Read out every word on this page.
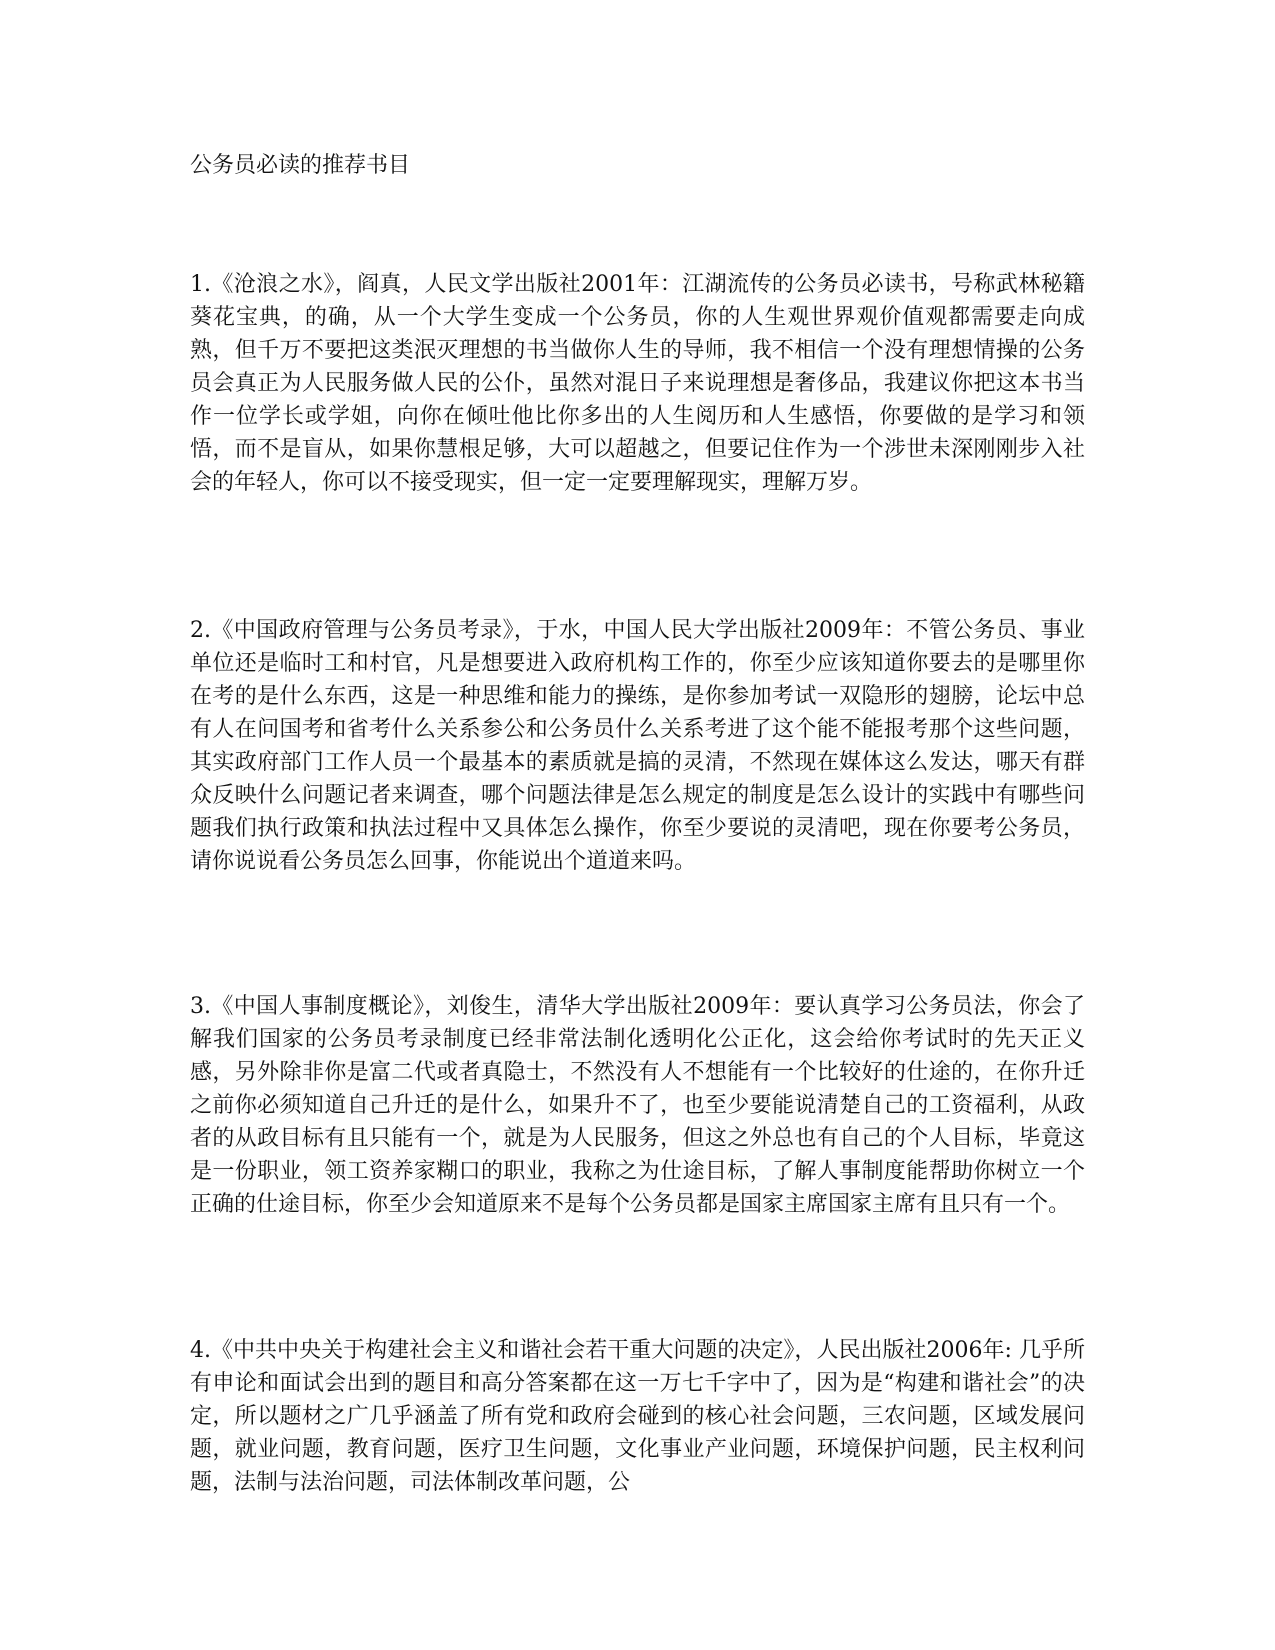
公务员必读的推荐书目

1.《沧浪之水》，阎真，人民文学出版社2001年：江湖流传的公务员必读书，号称武林秘籍葵花宝典，的确，从一个大学生变成一个公务员，你的人生观世界观价值观都需要走向成熟，但千万不要把这类泯灭理想的书当做你人生的导师，我不相信一个没有理想情操的公务员会真正为人民服务做人民的公仆，虽然对混日子来说理想是奢侈品，我建议你把这本书当作一位学长或学姐，向你在倾吐他比你多出的人生阅历和人生感悟，你要做的是学习和领悟，而不是盲从，如果你慧根足够，大可以超越之，但要记住作为一个涉世未深刚刚步入社会的年轻人，你可以不接受现实，但一定一定要理解现实，理解万岁。

2.《中国政府管理与公务员考录》，于水，中国人民大学出版社2009年：不管公务员、事业单位还是临时工和村官，凡是想要进入政府机构工作的，你至少应该知道你要去的是哪里你在考的是什么东西，这是一种思维和能力的操练，是你参加考试一双隐形的翅膀，论坛中总有人在问国考和省考什么关系参公和公务员什么关系考进了这个能不能报考那个这些问题，其实政府部门工作人员一个最基本的素质就是搞的灵清，不然现在媒体这么发达，哪天有群众反映什么问题记者来调查，哪个问题法律是怎么规定的制度是怎么设计的实践中有哪些问题我们执行政策和执法过程中又具体怎么操作，你至少要说的灵清吧，现在你要考公务员，请你说说看公务员怎么回事，你能说出个道道来吗。

3.《中国人事制度概论》，刘俊生，清华大学出版社2009年：要认真学习公务员法，你会了解我们国家的公务员考录制度已经非常法制化透明化公正化，这会给你考试时的先天正义感，另外除非你是富二代或者真隐士，不然没有人不想能有一个比较好的仕途的，在你升迁之前你必须知道自己升迁的是什么，如果升不了，也至少要能说清楚自己的工资福利，从政者的从政目标有且只能有一个，就是为人民服务，但这之外总也有自己的个人目标，毕竟这是一份职业，领工资养家糊口的职业，我称之为仕途目标，了解人事制度能帮助你树立一个正确的仕途目标，你至少会知道原来不是每个公务员都是国家主席国家主席有且只有一个。

4.《中共中央关于构建社会主义和谐社会若干重大问题的决定》，人民出版社2006年: 几乎所有申论和面试会出到的题目和高分答案都在这一万七千字中了，因为是“构建和谐社会”的决定，所以题材之广几乎涵盖了所有党和政府会碰到的核心社会问题，三农问题，区域发展问题，就业问题，教育问题，医疗卫生问题，文化事业产业问题，环境保护问题，民主权利问题，法制与法治问题，司法体制改革问题，公
